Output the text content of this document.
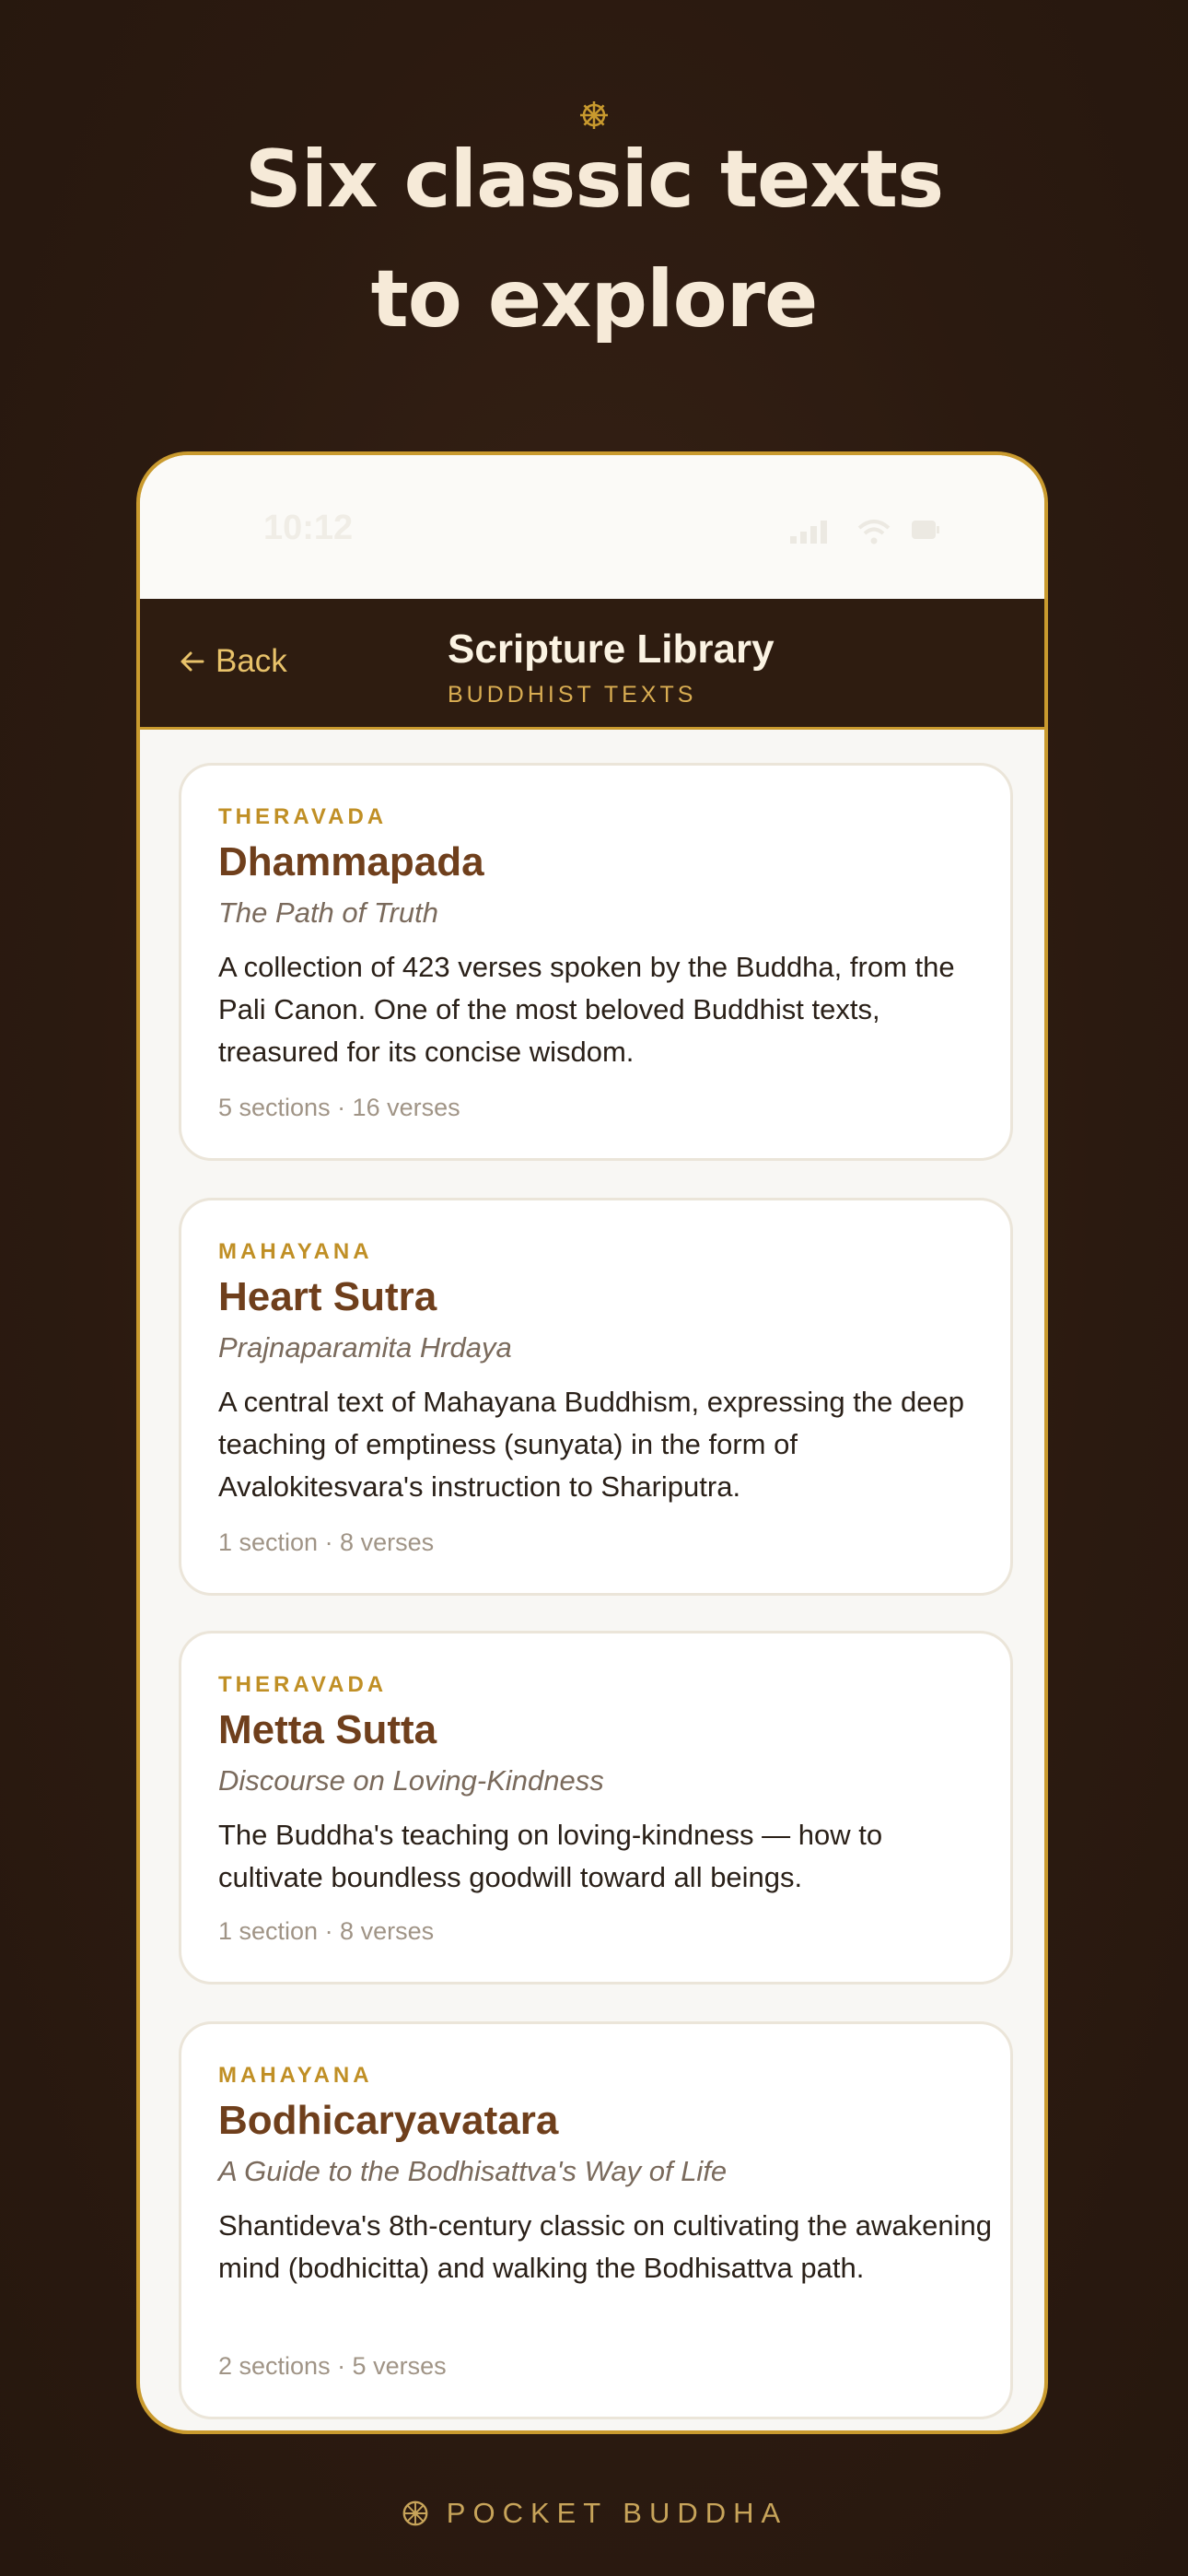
Six classic texts
to explore
10:12
Back	Scripture Library
BUDDHIST TEXTS
THERAVADA
Dhammapada
The Path of Truth
A collection of 423 verses spoken by the Buddha, from the Pali Canon. One of the most beloved Buddhist texts, treasured for its concise wisdom.
5 sections · 16 verses
MAHAYANA
Heart Sutra
Prajnaparamita Hrdaya
A central text of Mahayana Buddhism, expressing the deep teaching of emptiness (sunyata) in the form of Avalokitesvara's instruction to Shariputra.
1 section · 8 verses
THERAVADA
Metta Sutta
Discourse on Loving-Kindness
The Buddha's teaching on loving-kindness — how to cultivate boundless goodwill toward all beings.
1 section · 8 verses
MAHAYANA
Bodhicaryavatara
A Guide to the Bodhisattva's Way of Life
Shantideva's 8th-century classic on cultivating the awakening mind (bodhicitta) and walking the Bodhisattva path.
2 sections · 5 verses
POCKET BUDDHA
